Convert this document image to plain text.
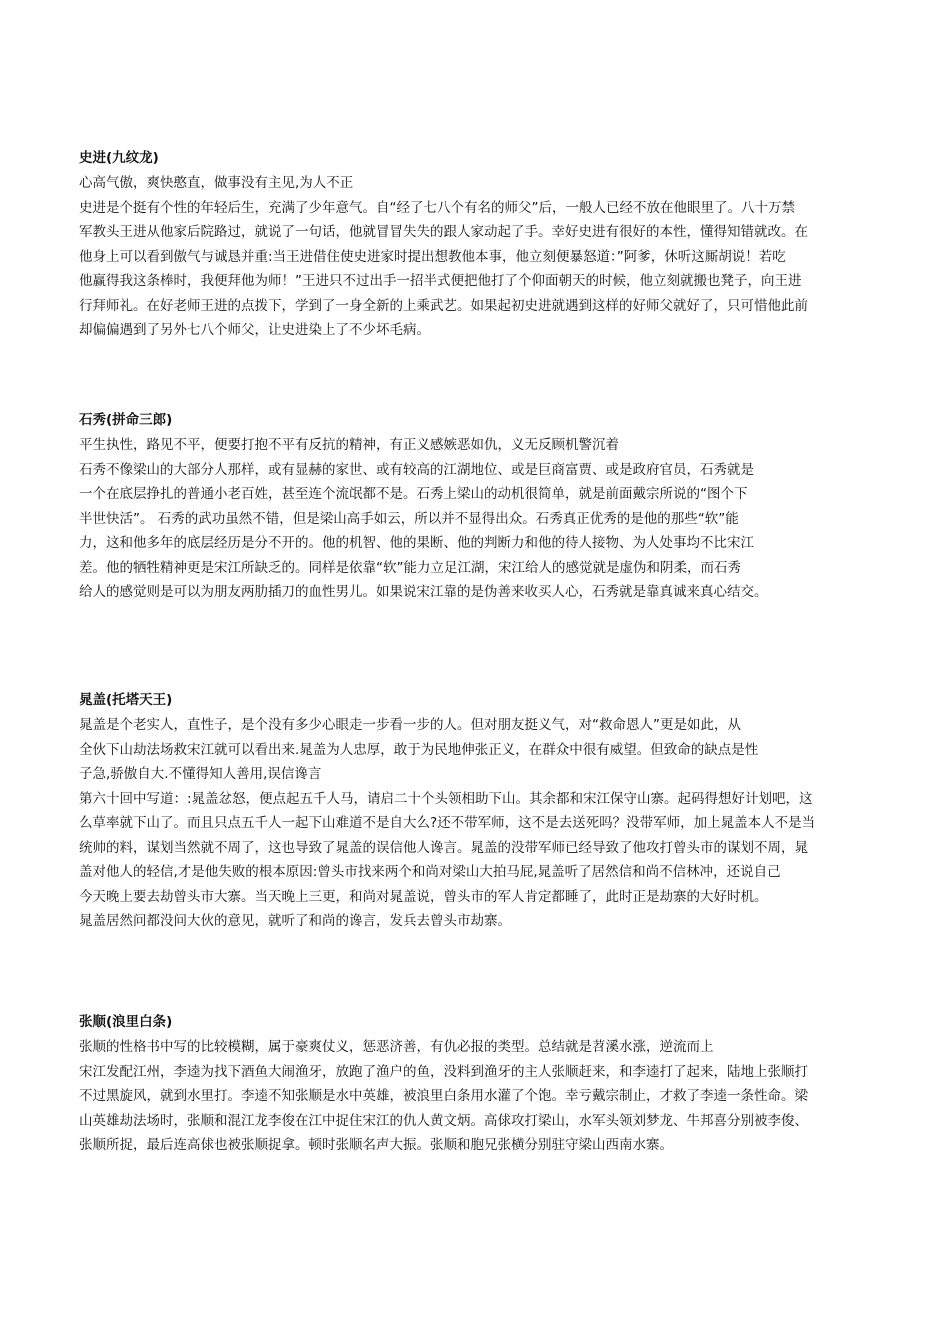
史进(九纹龙)
心高气傲，爽快憨直，做事没有主见,为人不正
史进是个挺有个性的年轻后生，充满了少年意气。自“经了七八个有名的师父”后，一般人已经不放在他眼里了。八十万禁
军教头王进从他家后院路过，就说了一句话，他就冒冒失失的跟人家动起了手。幸好史进有很好的本性，懂得知错就改。在
他身上可以看到傲气与诚恳并重:当王进借住使史进家时提出想教他本事，他立刻便暴怒道：”阿爹，休听这厮胡说！若吃
他赢得我这条棒时，我便拜他为师！”王进只不过出手一招半式便把他打了个仰面朝天的时候，他立刻就搬也凳子，向王进
行拜师礼。在好老师王进的点拨下，学到了一身全新的上乘武艺。如果起初史进就遇到这样的好师父就好了，只可惜他此前
却偏偏遇到了另外七八个师父，让史进染上了不少坏毛病。
石秀(拼命三郎)
平生执性，路见不平，便要打抱不平有反抗的精神，有正义感嫉恶如仇，义无反顾机警沉着
石秀不像梁山的大部分人那样，或有显赫的家世、或有较高的江湖地位、或是巨商富贾、或是政府官员，石秀就是
一个在底层挣扎的普通小老百姓，甚至连个流氓都不是。石秀上梁山的动机很简单，就是前面戴宗所说的“图个下
半世快活”。 石秀的武功虽然不错，但是梁山高手如云，所以并不显得出众。石秀真正优秀的是他的那些“软”能
力，这和他多年的底层经历是分不开的。他的机智、他的果断、他的判断力和他的待人接物、为人处事均不比宋江
差。他的牺牲精神更是宋江所缺乏的。同样是依靠“软”能力立足江湖，宋江给人的感觉就是虚伪和阴柔，而石秀
给人的感觉则是可以为朋友两肋插刀的血性男儿。如果说宋江靠的是伪善来收买人心，石秀就是靠真诚来真心结交。
晁盖(托塔天王)
晁盖是个老实人，直性子，是个没有多少心眼走一步看一步的人。但对朋友挺义气，对“救命恩人”更是如此，从
全伙下山劫法场救宋江就可以看出来.晁盖为人忠厚，敢于为民地伸张正义，在群众中很有威望。但致命的缺点是性
子急,骄傲自大.不懂得知人善用,误信谗言
第六十回中写道：:晁盖忿怒，便点起五千人马，请启二十个头领相助下山。其余都和宋江保守山寨。起码得想好计划吧，这
么草率就下山了。而且只点五千人一起下山难道不是自大么?还不带军师，这不是去送死吗？没带军师，加上晁盖本人不是当
统帅的料，谋划当然就不周了，这也导致了晁盖的误信他人谗言。晁盖的没带军师已经导致了他攻打曾头市的谋划不周，晁
盖对他人的轻信,才是他失败的根本原因:曾头市找来两个和尚对梁山大拍马屁,晁盖听了居然信和尚不信林冲，还说自己
今天晚上要去劫曾头市大寨。当天晚上三更，和尚对晁盖说，曾头市的军人肯定都睡了，此时正是劫寨的大好时机。
晁盖居然问都没问大伙的意见，就听了和尚的谗言，发兵去曾头市劫寨。
张顺(浪里白条)
张顺的性格书中写的比较模糊，属于豪爽仗义，惩恶济善，有仇必报的类型。总结就是苕溪水涨，逆流而上
宋江发配江州，李逵为找下酒鱼大闹渔牙，放跑了渔户的鱼，没料到渔牙的主人张顺赶来，和李逵打了起来，陆地上张顺打
不过黑旋风，就到水里打。李逵不知张顺是水中英雄，被浪里白条用水灌了个饱。幸亏戴宗制止，才救了李逵一条性命。梁
山英雄劫法场时，张顺和混江龙李俊在江中捉住宋江的仇人黄文炳。高俅攻打梁山，水军头领刘梦龙、牛邦喜分别被李俊、
张顺所捉，最后连高俅也被张顺捉拿。顿时张顺名声大振。张顺和胞兄张横分别驻守梁山西南水寨。
